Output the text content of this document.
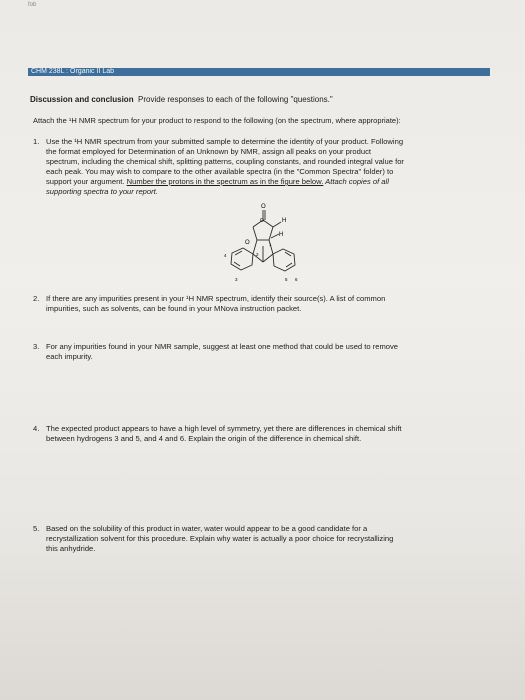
fob
CHM 238L : Organic II Lab
Discussion and conclusion Provide responses to each of the following "questions."
Attach the ¹H NMR spectrum for your product to respond to the following (on the spectrum, where appropriate):
1. Use the ¹H NMR spectrum from your submitted sample to determine the identity of your product. Following
the format employed for Determination of an Unknown by NMR, assign all peaks on your product
spectrum, including the chemical shift, splitting patterns, coupling constants, and rounded integral value for
each peak. You may wish to compare to the other available spectra (in the "Common Spectra" folder) to
support your argument. Number the protons in the spectrum as in the figure below. Attach copies of all
supporting spectra to your report.
O
O
O
H
H
1
2
3
4
5 6
2. If there are any impurities present in your ¹H NMR spectrum, identify their source(s). A list of common
impurities, such as solvents, can be found in your MNova instruction packet.
3. For any impurities found in your NMR sample, suggest at least one method that could be used to remove
each impurity.
4. The expected product appears to have a high level of symmetry, yet there are differences in chemical shift
between hydrogens 3 and 5, and 4 and 6. Explain the origin of the difference in chemical shift.
5. Based on the solubility of this product in water, water would appear to be a good candidate for a
recrystallization solvent for this procedure. Explain why water is actually a poor choice for recrystallizing
this anhydride.
